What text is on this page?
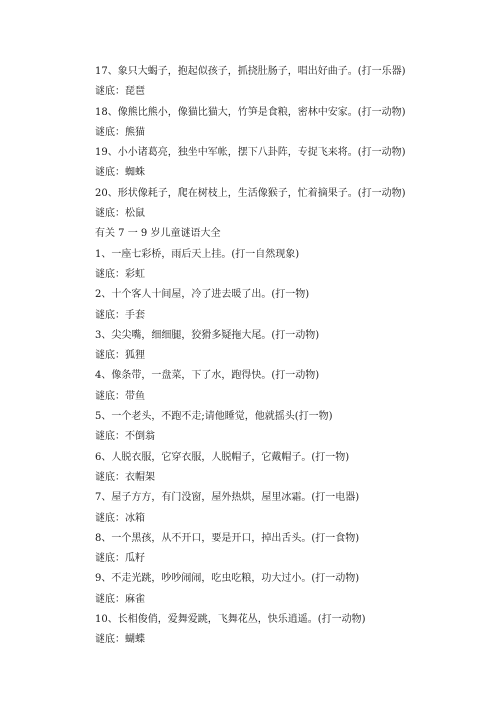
17、象只大蝎子，抱起似孩子，抓挠肚肠子，唱出好曲子。(打一乐器)
谜底：琵琶
18、像熊比熊小，像猫比猫大，竹笋是食粮，密林中安家。(打一动物)
谜底：熊猫
19、小小诸葛亮，独坐中军帐，摆下八卦阵，专捉飞来将。(打一动物)
谜底：蜘蛛
20、形状像耗子，爬在树枝上，生活像猴子，忙着摘果子。(打一动物)
谜底：松鼠
有关 7 一 9 岁儿童谜语大全
1、一座七彩桥，雨后天上挂。(打一自然现象)
谜底：彩虹
2、十个客人十间屋，冷了进去暖了出。(打一物)
谜底：手套
3、尖尖嘴，细细腿，狡猾多疑拖大尾。(打一动物)
谜底：狐狸
4、像条带，一盘菜，下了水，跑得快。(打一动物)
谜底：带鱼
5、一个老头，不跑不走;请他睡觉，他就摇头(打一物)
谜底：不倒翁
6、人脱衣服，它穿衣服，人脱帽子，它戴帽子。(打一物)
谜底：衣帽架
7、屋子方方，有门没窗，屋外热烘，屋里冰霜。(打一电器)
谜底：冰箱
8、一个黑孩，从不开口，要是开口，掉出舌头。(打一食物)
谜底：瓜籽
9、不走光跳，吵吵闹闹，吃虫吃粮，功大过小。(打一动物)
谜底：麻雀
10、长相俊俏，爱舞爱跳，飞舞花丛，快乐逍遥。(打一动物)
谜底：蝴蝶
